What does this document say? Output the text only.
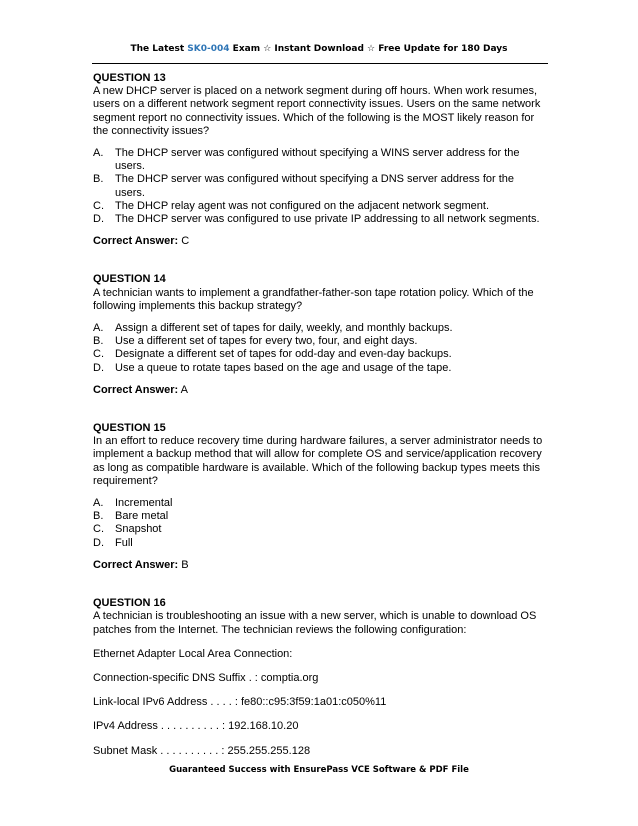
The Latest SK0-004 Exam ☆ Instant Download ☆ Free Update for 180 Days
QUESTION 13

A new DHCP server is placed on a network segment during off hours. When work resumes, users on a different network segment report connectivity issues. Users on the same network segment report no connectivity issues. Which of the following is the MOST likely reason for the connectivity issues?

A. The DHCP server was configured without specifying a WINS server address for the users.
B. The DHCP server was configured without specifying a DNS server address for the users.
C. The DHCP relay agent was not configured on the adjacent network segment.
D. The DHCP server was configured to use private IP addressing to all network segments.
Correct Answer: C
QUESTION 14

A technician wants to implement a grandfather-father-son tape rotation policy. Which of the following implements this backup strategy?

A. Assign a different set of tapes for daily, weekly, and monthly backups.
B. Use a different set of tapes for every two, four, and eight days.
C. Designate a different set of tapes for odd-day and even-day backups.
D. Use a queue to rotate tapes based on the age and usage of the tape.
Correct Answer: A
QUESTION 15

In an effort to reduce recovery time during hardware failures, a server administrator needs to implement a backup method that will allow for complete OS and service/application recovery as long as compatible hardware is available. Which of the following backup types meets this requirement?

A. Incremental
B. Bare metal
C. Snapshot
D. Full
Correct Answer: B
QUESTION 16

A technician is troubleshooting an issue with a new server, which is unable to download OS patches from the Internet. The technician reviews the following configuration:

Ethernet Adapter Local Area Connection:
Connection-specific DNS Suffix . : comptia.org
Link-local IPv6 Address . . . . : fe80::c95:3f59:1a01:c050%11
IPv4 Address . . . . . . . . . . : 192.168.10.20
Subnet Mask . . . . . . . . . . : 255.255.255.128
Guaranteed Success with EnsurePass VCE Software & PDF File
